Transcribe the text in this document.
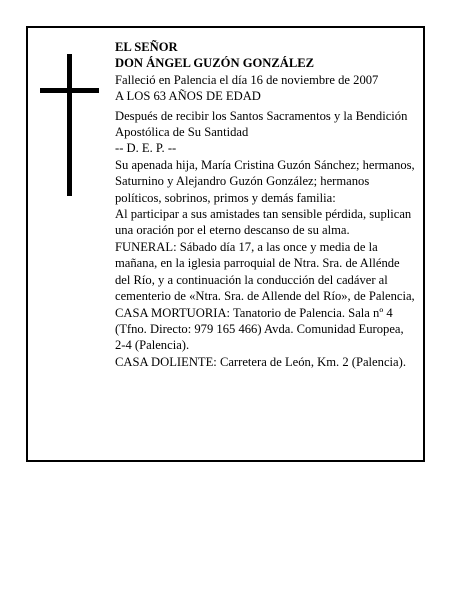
EL SEÑOR

DON ÁNGEL GUZÓN GONZÁLEZ

Falleció en Palencia el día 16 de noviembre de 2007

A LOS 63 AÑOS DE EDAD

Después de recibir los Santos Sacramentos y la Bendición Apostólica de Su Santidad

-- D. E. P. --

Su apenada hija, María Cristina Guzón Sánchez; hermanos, Saturnino y Alejandro Guzón González; hermanos políticos, sobrinos, primos y demás familia:

Al participar a sus amistades tan sensible pérdida, suplican una oración por el eterno descanso de su alma.

FUNERAL: Sábado día 17, a las once y media de la mañana, en la iglesia parroquial de Ntra. Sra. de Allénde del Río, y a continuación la conducción del cadáver al cementerio de «Ntra. Sra. de Allende del Río», de Palencia,

CASA MORTUORIA: Tanatorio de Palencia. Sala nº 4 (Tfno. Directo: 979 165 466) Avda. Comunidad Europea, 2-4 (Palencia).

CASA DOLIENTE: Carretera de León, Km. 2 (Palencia).
